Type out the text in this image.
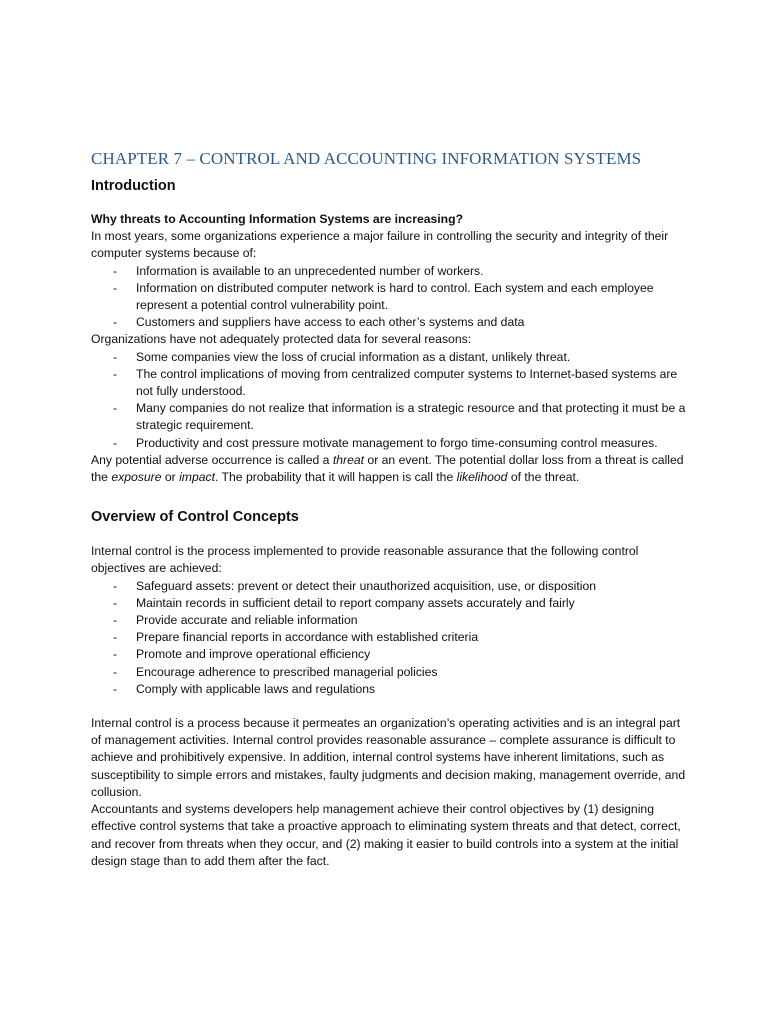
CHAPTER 7 – CONTROL AND ACCOUNTING INFORMATION SYSTEMS
Introduction

Why threats to Accounting Information Systems are increasing?

In most years, some organizations experience a major failure in controlling the security and integrity of their computer systems because of:

- Information is available to an unprecedented number of workers.
- Information on distributed computer network is hard to control. Each system and each employee represent a potential control vulnerability point.
- Customers and suppliers have access to each other’s systems and data

Organizations have not adequately protected data for several reasons:

- Some companies view the loss of crucial information as a distant, unlikely threat.
- The control implications of moving from centralized computer systems to Internet-based systems are not fully understood.
- Many companies do not realize that information is a strategic resource and that protecting it must be a strategic requirement.
- Productivity and cost pressure motivate management to forgo time-consuming control measures.

Any potential adverse occurrence is called a threat or an event. The potential dollar loss from a threat is called the exposure or impact. The probability that it will happen is call the likelihood of the threat.

Overview of Control Concepts

Internal control is the process implemented to provide reasonable assurance that the following control objectives are achieved:

- Safeguard assets: prevent or detect their unauthorized acquisition, use, or disposition
- Maintain records in sufficient detail to report company assets accurately and fairly
- Provide accurate and reliable information
- Prepare financial reports in accordance with established criteria
- Promote and improve operational efficiency
- Encourage adherence to prescribed managerial policies
- Comply with applicable laws and regulations

Internal control is a process because it permeates an organization’s operating activities and is an integral part of management activities. Internal control provides reasonable assurance – complete assurance is difficult to achieve and prohibitively expensive. In addition, internal control systems have inherent limitations, such as susceptibility to simple errors and mistakes, faulty judgments and decision making, management override, and collusion.

Accountants and systems developers help management achieve their control objectives by (1) designing effective control systems that take a proactive approach to eliminating system threats and that detect, correct, and recover from threats when they occur, and (2) making it easier to build controls into a system at the initial design stage than to add them after the fact.
